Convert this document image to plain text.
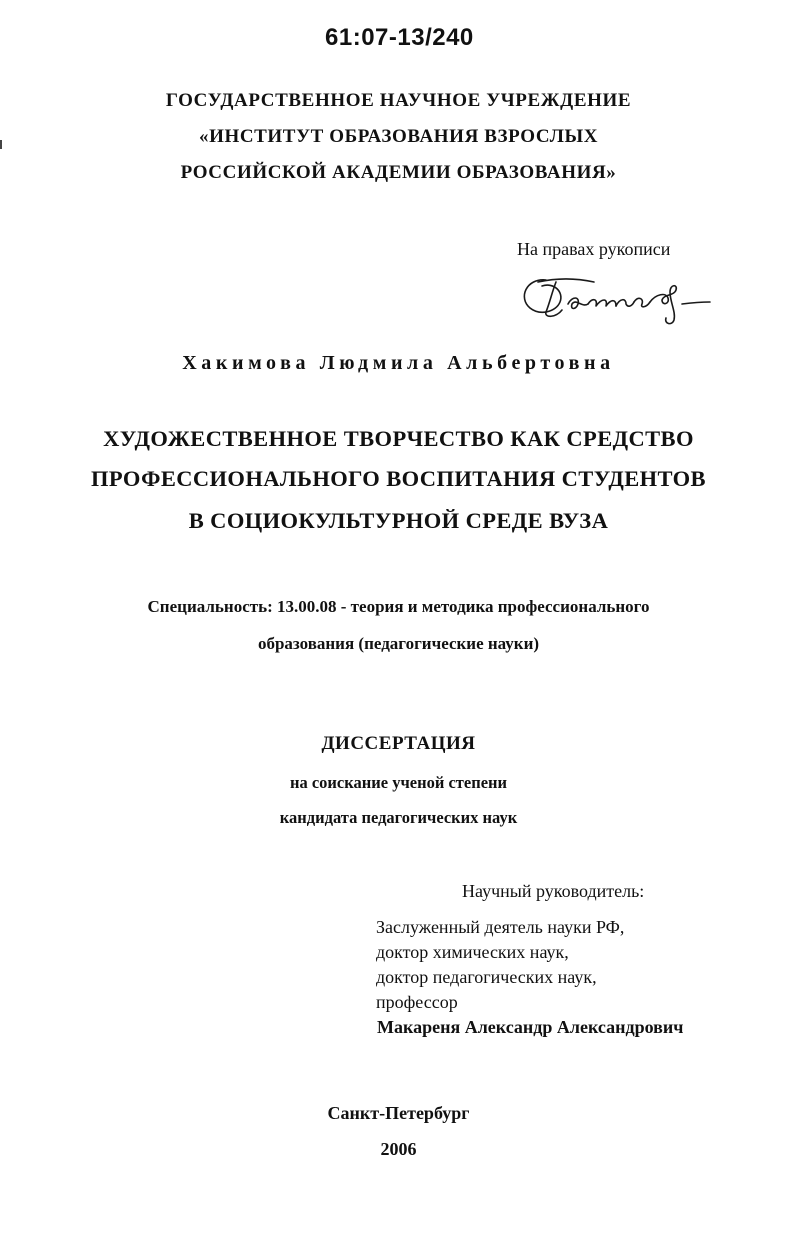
61:07-13/240
ГОСУДАРСТВЕННОЕ НАУЧНОЕ УЧРЕЖДЕНИЕ
«ИНСТИТУТ ОБРАЗОВАНИЯ ВЗРОСЛЫХ
РОССИЙСКОЙ АКАДЕМИИ ОБРАЗОВАНИЯ»
На правах рукописи
Хакимова Людмила Альбертовна
ХУДОЖЕСТВЕННОЕ ТВОРЧЕСТВО КАК СРЕДСТВО
ПРОФЕССИОНАЛЬНОГО ВОСПИТАНИЯ СТУДЕНТОВ
В СОЦИОКУЛЬТУРНОЙ СРЕДЕ ВУЗА
Специальность: 13.00.08 - теория и методика профессионального
образования (педагогические науки)
ДИССЕРТАЦИЯ
на соискание ученой степени
кандидата педагогических наук
Научный руководитель:
Заслуженный деятель науки РФ,
доктор химических наук,
доктор педагогических наук,
профессор
Макареня Александр Александрович
Санкт-Петербург
2006
